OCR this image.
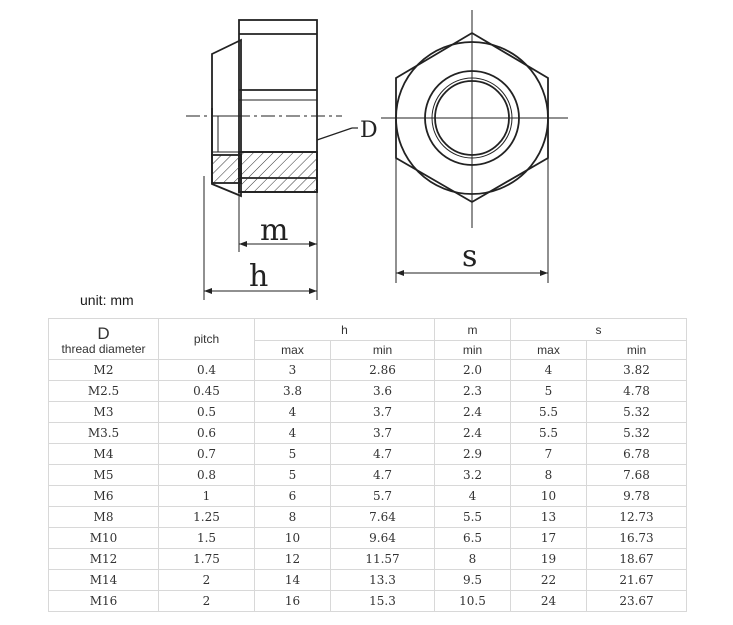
D
m
h
s
unit: mm
D
thread diameter	pitch	h		m	s	
		max	min	min	max	min
M2	0.4	3	2.86	2.0	4	3.82
M2.5	0.45	3.8	3.6	2.3	5	4.78
M3	0.5	4	3.7	2.4	5.5	5.32
M3.5	0.6	4	3.7	2.4	5.5	5.32
M4	0.7	5	4.7	2.9	7	6.78
M5	0.8	5	4.7	3.2	8	7.68
M6	1	6	5.7	4	10	9.78
M8	1.25	8	7.64	5.5	13	12.73
M10	1.5	10	9.64	6.5	17	16.73
M12	1.75	12	11.57	8	19	18.67
M14	2	14	13.3	9.5	22	21.67
M16	2	16	15.3	10.5	24	23.67
